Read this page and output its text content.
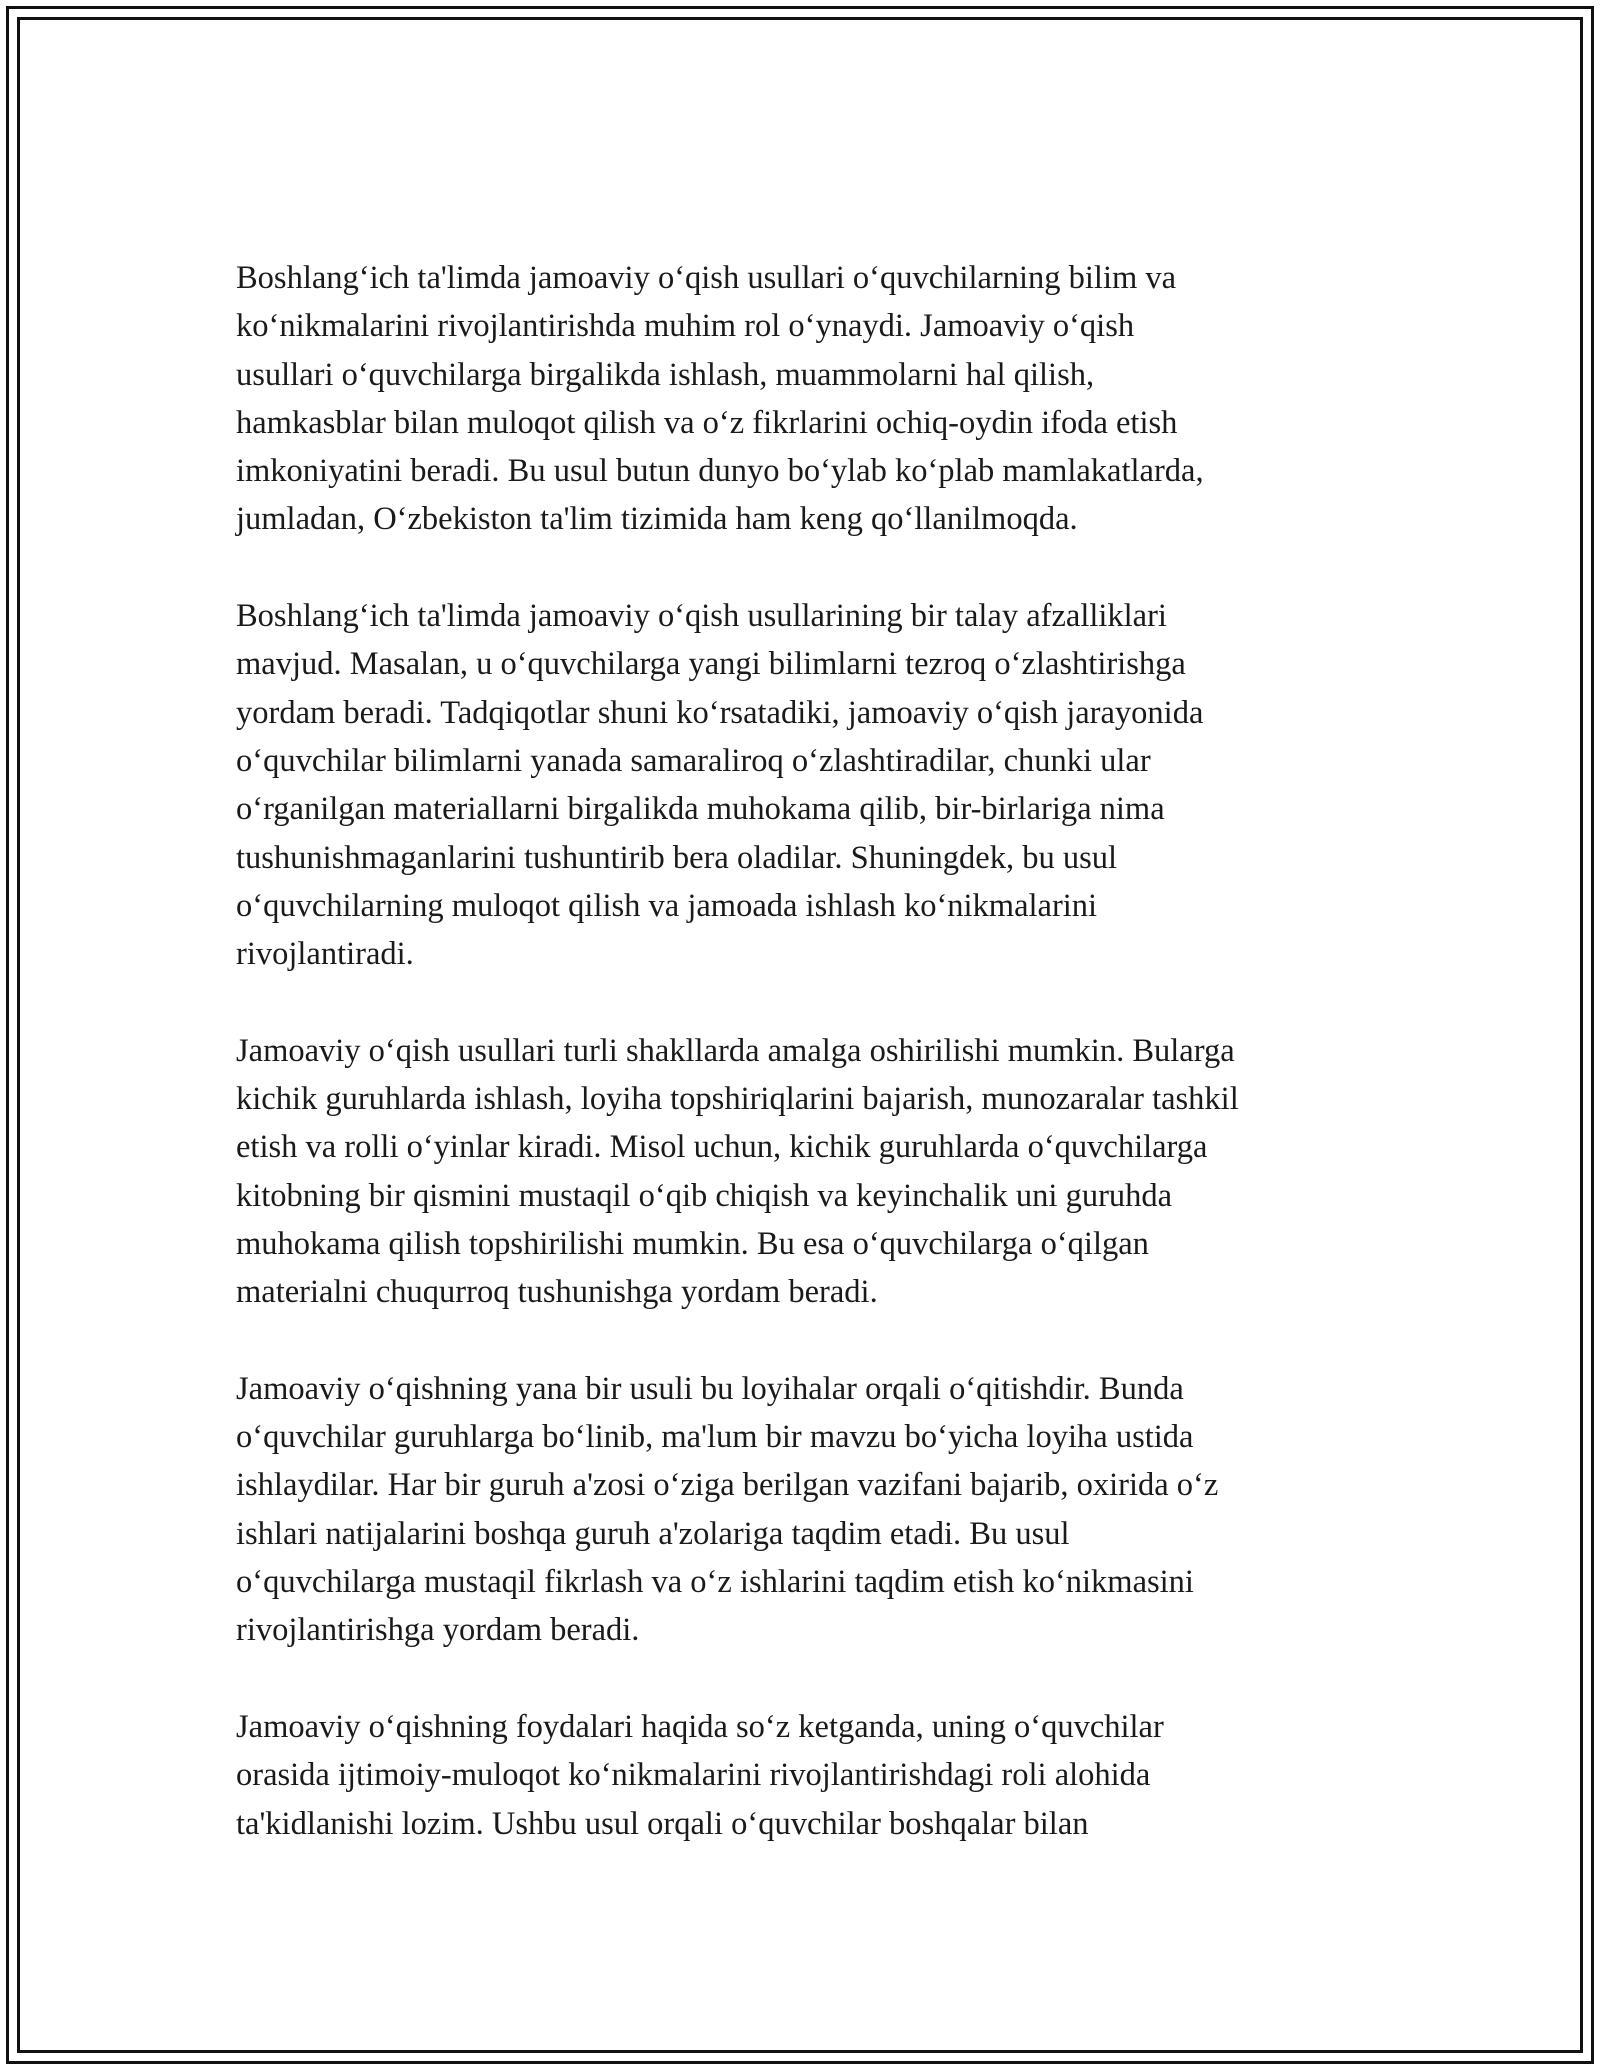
Boshlang‘ich ta'limda jamoaviy o‘qish usullari o‘quvchilarning bilim va
ko‘nikmalarini rivojlantirishda muhim rol o‘ynaydi. Jamoaviy o‘qish
usullari o‘quvchilarga birgalikda ishlash, muammolarni hal qilish,
hamkasblar bilan muloqot qilish va o‘z fikrlarini ochiq-oydin ifoda etish
imkoniyatini beradi. Bu usul butun dunyo bo‘ylab ko‘plab mamlakatlarda,
jumladan, O‘zbekiston ta'lim tizimida ham keng qo‘llanilmoqda.

Boshlang‘ich ta'limda jamoaviy o‘qish usullarining bir talay afzalliklari
mavjud. Masalan, u o‘quvchilarga yangi bilimlarni tezroq o‘zlashtirishga
yordam beradi. Tadqiqotlar shuni ko‘rsatadiki, jamoaviy o‘qish jarayonida
o‘quvchilar bilimlarni yanada samaraliroq o‘zlashtiradilar, chunki ular
o‘rganilgan materiallarni birgalikda muhokama qilib, bir-birlariga nima
tushunishmaganlarini tushuntirib bera oladilar. Shuningdek, bu usul
o‘quvchilarning muloqot qilish va jamoada ishlash ko‘nikmalarini
rivojlantiradi.

Jamoaviy o‘qish usullari turli shakllarda amalga oshirilishi mumkin. Bularga
kichik guruhlarda ishlash, loyiha topshiriqlarini bajarish, munozaralar tashkil
etish va rolli o‘yinlar kiradi. Misol uchun, kichik guruhlarda o‘quvchilarga
kitobning bir qismini mustaqil o‘qib chiqish va keyinchalik uni guruhda
muhokama qilish topshirilishi mumkin. Bu esa o‘quvchilarga o‘qilgan
materialni chuqurroq tushunishga yordam beradi.

Jamoaviy o‘qishning yana bir usuli bu loyihalar orqali o‘qitishdir. Bunda
o‘quvchilar guruhlarga bo‘linib, ma'lum bir mavzu bo‘yicha loyiha ustida
ishlaydilar. Har bir guruh a'zosi o‘ziga berilgan vazifani bajarib, oxirida o‘z
ishlari natijalarini boshqa guruh a'zolariga taqdim etadi. Bu usul
o‘quvchilarga mustaqil fikrlash va o‘z ishlarini taqdim etish ko‘nikmasini
rivojlantirishga yordam beradi.

Jamoaviy o‘qishning foydalari haqida so‘z ketganda, uning o‘quvchilar
orasida ijtimoiy-muloqot ko‘nikmalarini rivojlantirishdagi roli alohida
ta'kidlanishi lozim. Ushbu usul orqali o‘quvchilar boshqalar bilan
